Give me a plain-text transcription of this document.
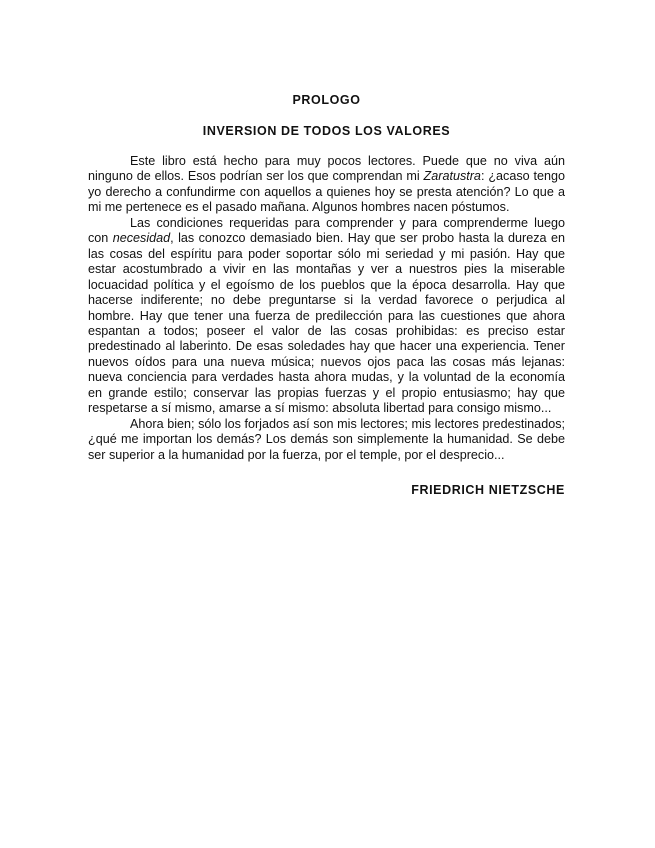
PROLOGO
INVERSION DE TODOS LOS VALORES

Este libro está hecho para muy pocos lectores. Puede que no viva aún ninguno de ellos. Esos podrían ser los que comprendan mi Zaratustra: ¿acaso tengo yo derecho a confundirme con aquellos a quienes hoy se presta atención? Lo que a mi me pertenece es el pasado mañana. Algunos hombres nacen póstumos.

Las condiciones requeridas para comprender y para comprenderme luego con necesidad, las conozco demasiado bien. Hay que ser probo hasta la dureza en las cosas del espíritu para poder soportar sólo mi seriedad y mi pasión. Hay que estar acostumbrado a vivir en las montañas y ver a nuestros pies la miserable locuacidad política y el egoísmo de los pueblos que la época desarrolla. Hay que hacerse indiferente; no debe preguntarse si la verdad favorece o perjudica al hombre. Hay que tener una fuerza de predilección para las cuestiones que ahora espantan a todos; poseer el valor de las cosas prohibidas: es preciso estar predestinado al laberinto. De esas soledades hay que hacer una experiencia. Tener nuevos oídos para una nueva música; nuevos ojos paca las cosas más lejanas: nueva conciencia para verdades hasta ahora mudas, y la voluntad de la economía en grande estilo; conservar las propias fuerzas y el propio entusiasmo; hay que respetarse a sí mismo, amarse a sí mismo: absoluta libertad para consigo mismo...

Ahora bien; sólo los forjados así son mis lectores; mis lectores predestinados; ¿qué me importan los demás? Los demás son simplemente la humanidad. Se debe ser superior a la humanidad por la fuerza, por el temple, por el desprecio...

FRIEDRICH NIETZSCHE
